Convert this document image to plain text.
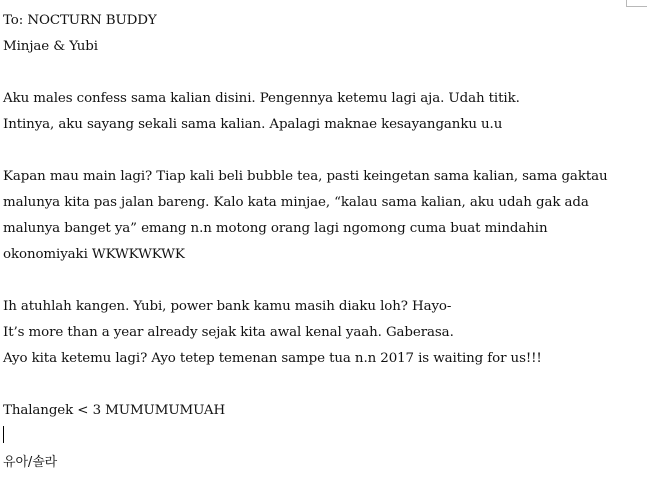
To: NOCTURN BUDDY
Minjae & Yubi
Aku males confess sama kalian disini. Pengennya ketemu lagi aja. Udah titik.
Intinya, aku sayang sekali sama kalian. Apalagi maknae kesayanganku u.u
Kapan mau main lagi? Tiap kali beli bubble tea, pasti keingetan sama kalian, sama gaktau
malunya kita pas jalan bareng. Kalo kata minjae, “kalau sama kalian, aku udah gak ada
malunya banget ya” emang n.n motong orang lagi ngomong cuma buat mindahin
okonomiyaki WKWKWKWK
Ih atuhlah kangen. Yubi, power bank kamu masih diaku loh? Hayo-
It’s more than a year already sejak kita awal kenal yaah. Gaberasa.
Ayo kita ketemu lagi? Ayo tetep temenan sampe tua n.n 2017 is waiting for us!!!
Thalangek < 3 MUMUMUMUAH
유아/솔라
